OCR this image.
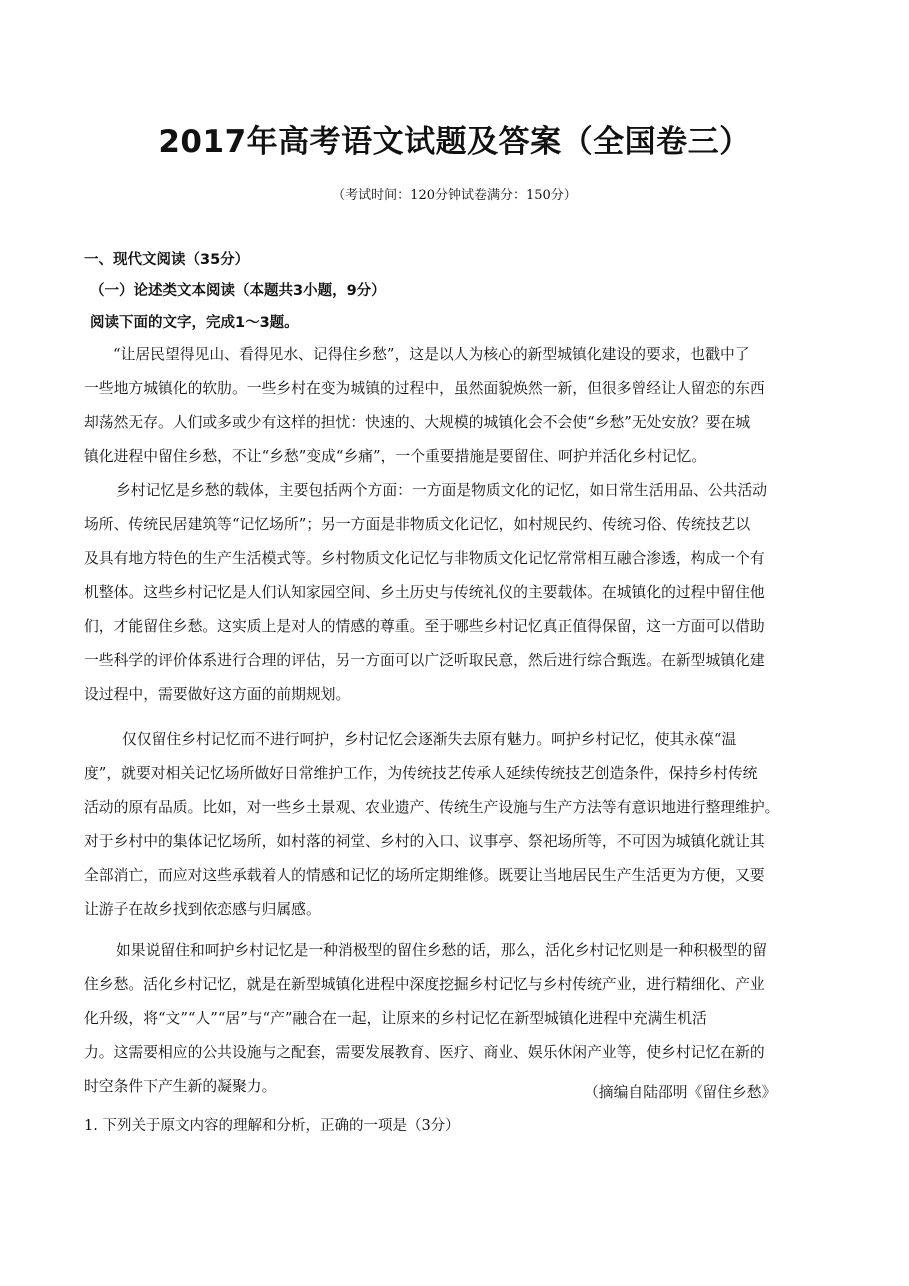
2017年高考语文试题及答案（全国卷三）
（考试时间：120分钟试卷满分：150分）
一、现代文阅读（35分）
（一）论述类文本阅读（本题共3小题，9分）
阅读下面的文字，完成1～3题。
“让居民望得见山、看得见水、记得住乡愁”，这是以人为核心的新型城镇化建设的要求，也戳中了
一些地方城镇化的软肋。一些乡村在变为城镇的过程中，虽然面貌焕然一新，但很多曾经让人留恋的东西
却荡然无存。人们或多或少有这样的担忧：快速的、大规模的城镇化会不会使“乡愁”无处安放？要在城
镇化进程中留住乡愁，不让“乡愁”变成“乡痛”，一个重要措施是要留住、呵护并活化乡村记忆。
乡村记忆是乡愁的载体，主要包括两个方面：一方面是物质文化的记忆，如日常生活用品、公共活动
场所、传统民居建筑等“记忆场所”；另一方面是非物质文化记忆，如村规民约、传统习俗、传统技艺以
及具有地方特色的生产生活模式等。乡村物质文化记忆与非物质文化记忆常常相互融合渗透，构成一个有
机整体。这些乡村记忆是人们认知家园空间、乡土历史与传统礼仪的主要载体。在城镇化的过程中留住他
们，才能留住乡愁。这实质上是对人的情感的尊重。至于哪些乡村记忆真正值得保留，这一方面可以借助
一些科学的评价体系进行合理的评估，另一方面可以广泛听取民意，然后进行综合甄选。在新型城镇化建
设过程中，需要做好这方面的前期规划。
仅仅留住乡村记忆而不进行呵护，乡村记忆会逐渐失去原有魅力。呵护乡村记忆，使其永葆“温
度”，就要对相关记忆场所做好日常维护工作，为传统技艺传承人延续传统技艺创造条件，保持乡村传统
活动的原有品质。比如，对一些乡土景观、农业遗产、传统生产设施与生产方法等有意识地进行整理维护。
对于乡村中的集体记忆场所，如村落的祠堂、乡村的入口、议事亭、祭祀场所等，不可因为城镇化就让其
全部消亡，而应对这些承载着人的情感和记忆的场所定期维修。既要让当地居民生产生活更为方便，又要
让游子在故乡找到依恋感与归属感。
如果说留住和呵护乡村记忆是一种消极型的留住乡愁的话，那么，活化乡村记忆则是一种积极型的留
住乡愁。活化乡村记忆，就是在新型城镇化进程中深度挖掘乡村记忆与乡村传统产业，进行精细化、产业
化升级，将“文”“人”“居”与“产”融合在一起，让原来的乡村记忆在新型城镇化进程中充满生机活
力。这需要相应的公共设施与之配套，需要发展教育、医疗、商业、娱乐休闲产业等，使乡村记忆在新的
时空条件下产生新的凝聚力。	（摘编自陆邵明《留住乡愁》
1. 下列关于原文内容的理解和分析，正确的一项是（3分）
